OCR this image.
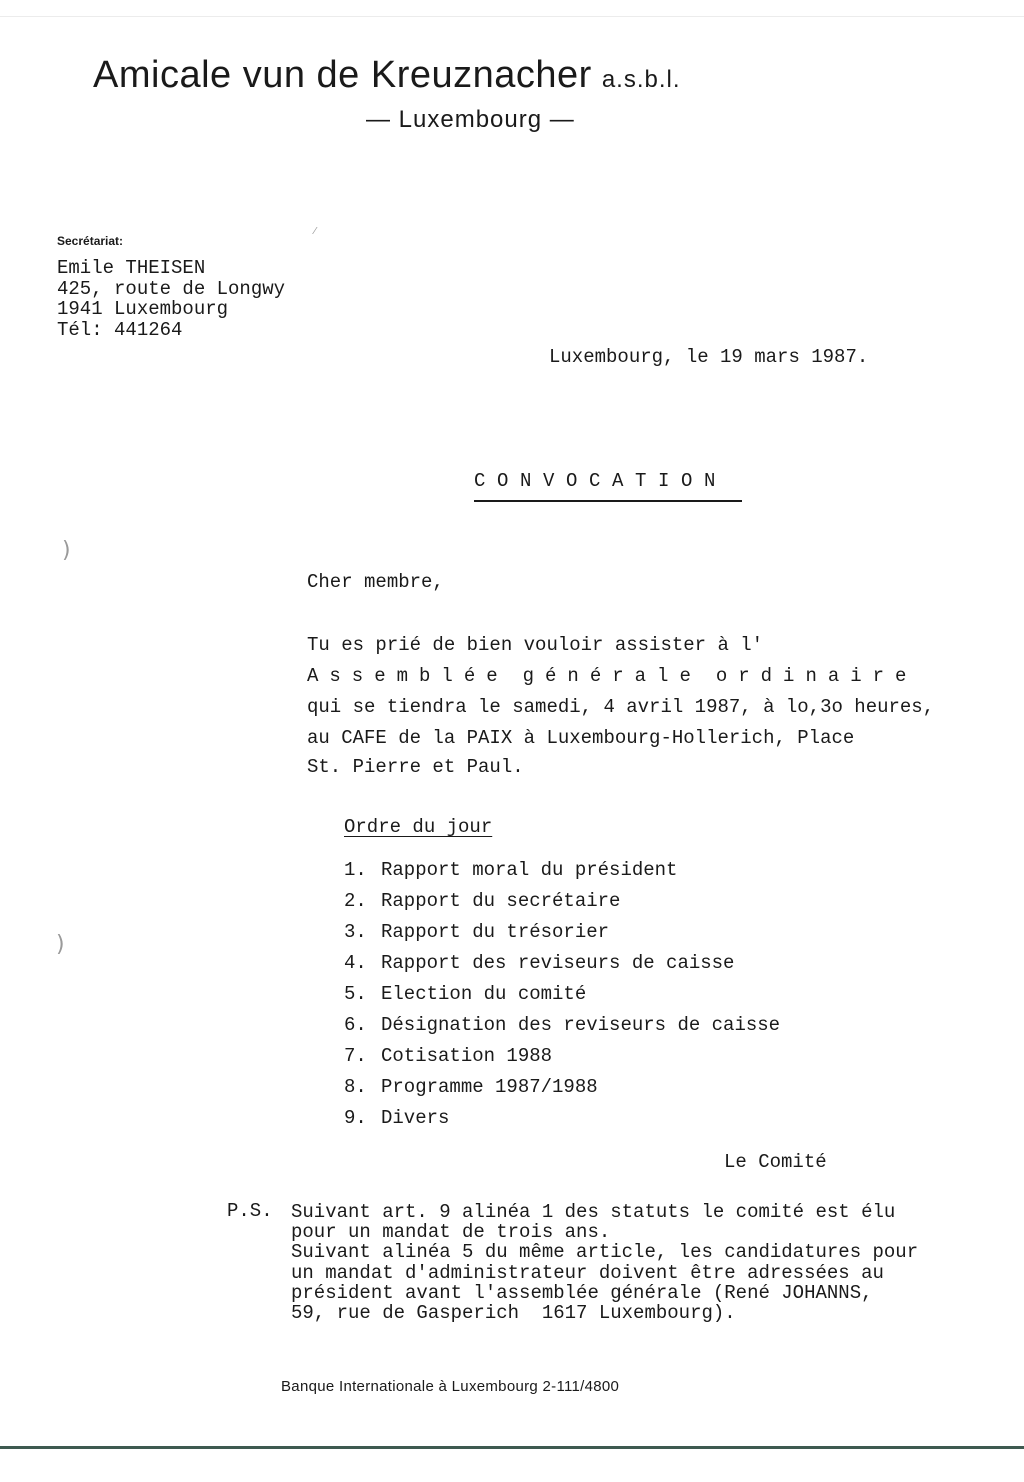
Amicale vun de Kreuznacher a.s.b.l.
— Luxembourg —
Secrétariat:
Emile THEISEN
425, route de Longwy
1941 Luxembourg
Tél: 441264
Luxembourg, le 19 mars 1987.
CONVOCATION
Cher membre,
Tu es prié de bien vouloir assister à l'
Assemblée générale ordinaire
qui se tiendra le samedi, 4 avril 1987, à lo,3o heures,
au CAFE de la PAIX à Luxembourg-Hollerich, Place
St. Pierre et Paul.
Ordre du jour
1. Rapport moral du président
2. Rapport du secrétaire
3. Rapport du trésorier
4. Rapport des reviseurs de caisse
5. Election du comité
6. Désignation des reviseurs de caisse
7. Cotisation 1988
8. Programme 1987/1988
9. Divers
Le Comité
P.S. Suivant art. 9 alinéa 1 des statuts le comité est élu
pour un mandat de trois ans.
Suivant alinéa 5 du même article, les candidatures pour
un mandat d'administrateur doivent être adressées au
président avant l'assemblée générale (René JOHANNS,
59, rue de Gasperich  1617 Luxembourg).
Banque Internationale à Luxembourg 2-111/4800
)
)
⁄
